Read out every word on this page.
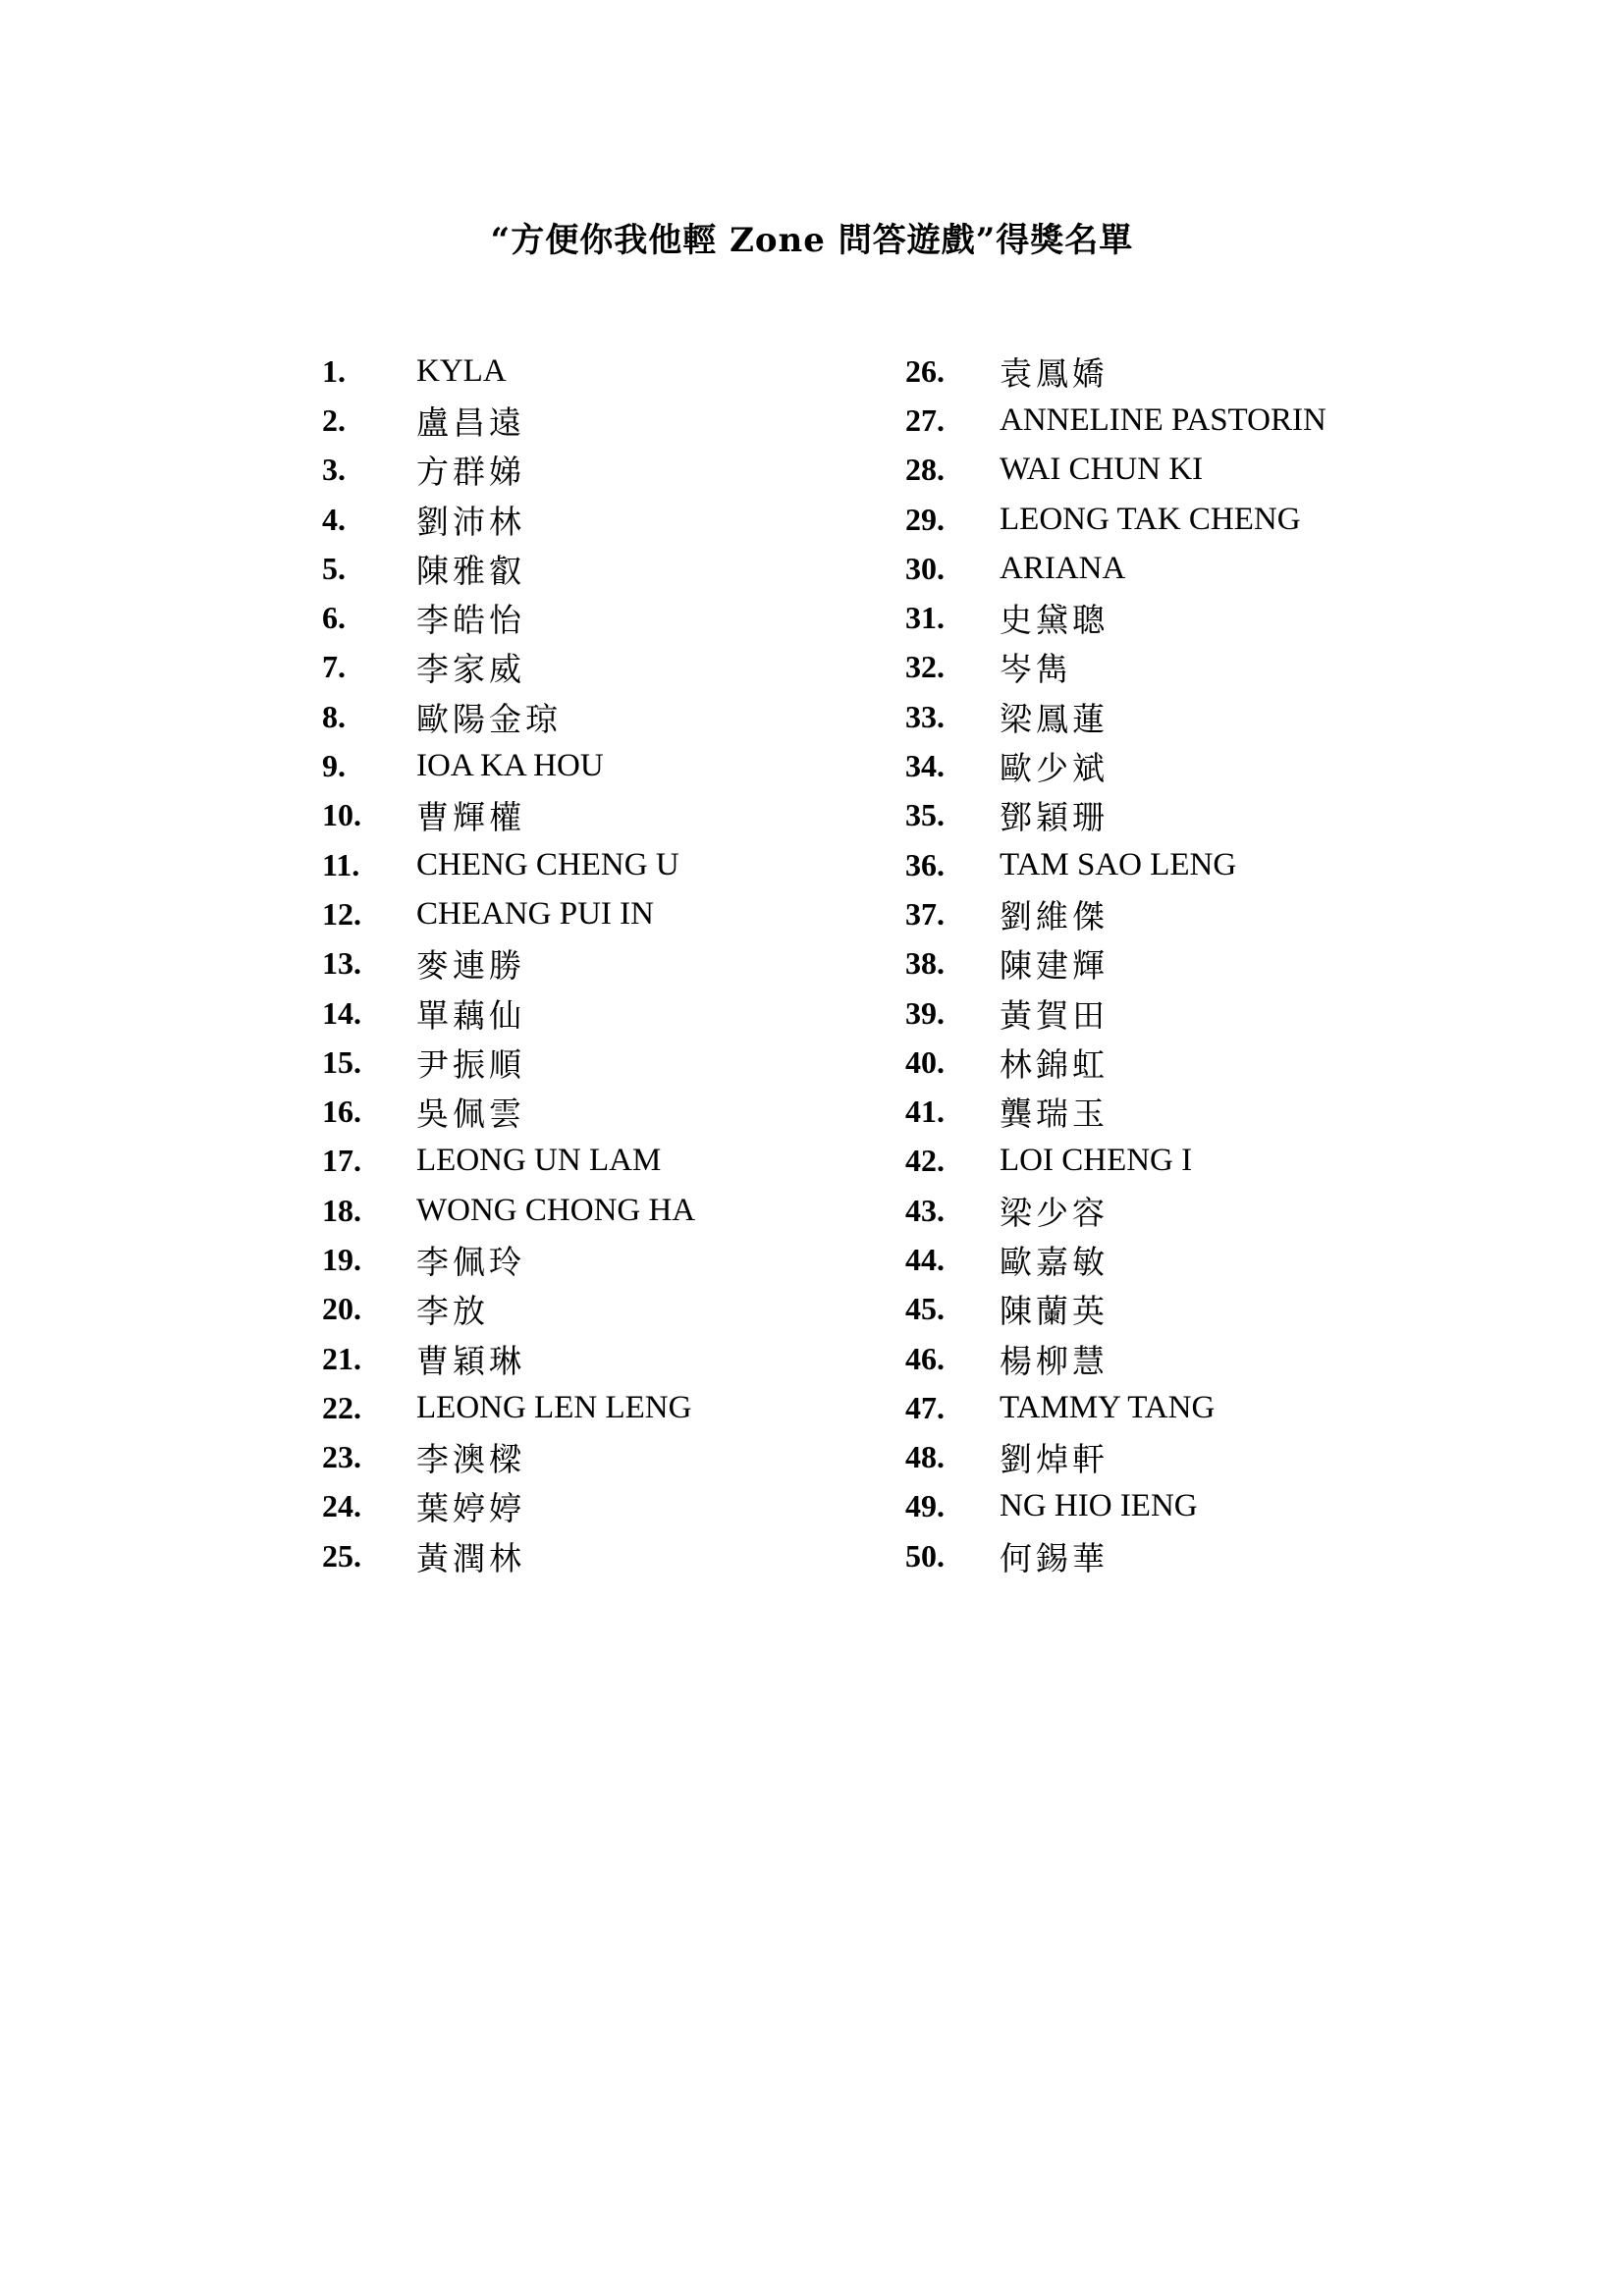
“方便你我他輕 Zone 問答遊戲”得獎名單
1.	KYLA
2.	盧昌遠
3.	方群娣
4.	劉沛林
5.	陳雅叡
6.	李皓怡
7.	李家威
8.	歐陽金琼
9.	IOA KA HOU
10.	曹輝權
11.	CHENG CHENG U
12.	CHEANG PUI IN
13.	麥連勝
14.	單藕仙
15.	尹振順
16.	吳佩雲
17.	LEONG UN LAM
18.	WONG CHONG HA
19.	李佩玲
20.	李放
21.	曹穎琳
22.	LEONG LEN LENG
23.	李澳樑
24.	葉婷婷
25.	黃潤林
26.	袁鳳嬌
27.	ANNELINE PASTORIN
28.	WAI CHUN KI
29.	LEONG TAK CHENG
30.	ARIANA
31.	史黛聰
32.	岑雋
33.	梁鳳蓮
34.	歐少斌
35.	鄧穎珊
36.	TAM SAO LENG
37.	劉維傑
38.	陳建輝
39.	黃賀田
40.	林錦虹
41.	龔瑞玉
42.	LOI CHENG I
43.	梁少容
44.	歐嘉敏
45.	陳蘭英
46.	楊柳慧
47.	TAMMY TANG
48.	劉焯軒
49.	NG HIO IENG
50.	何錫華
